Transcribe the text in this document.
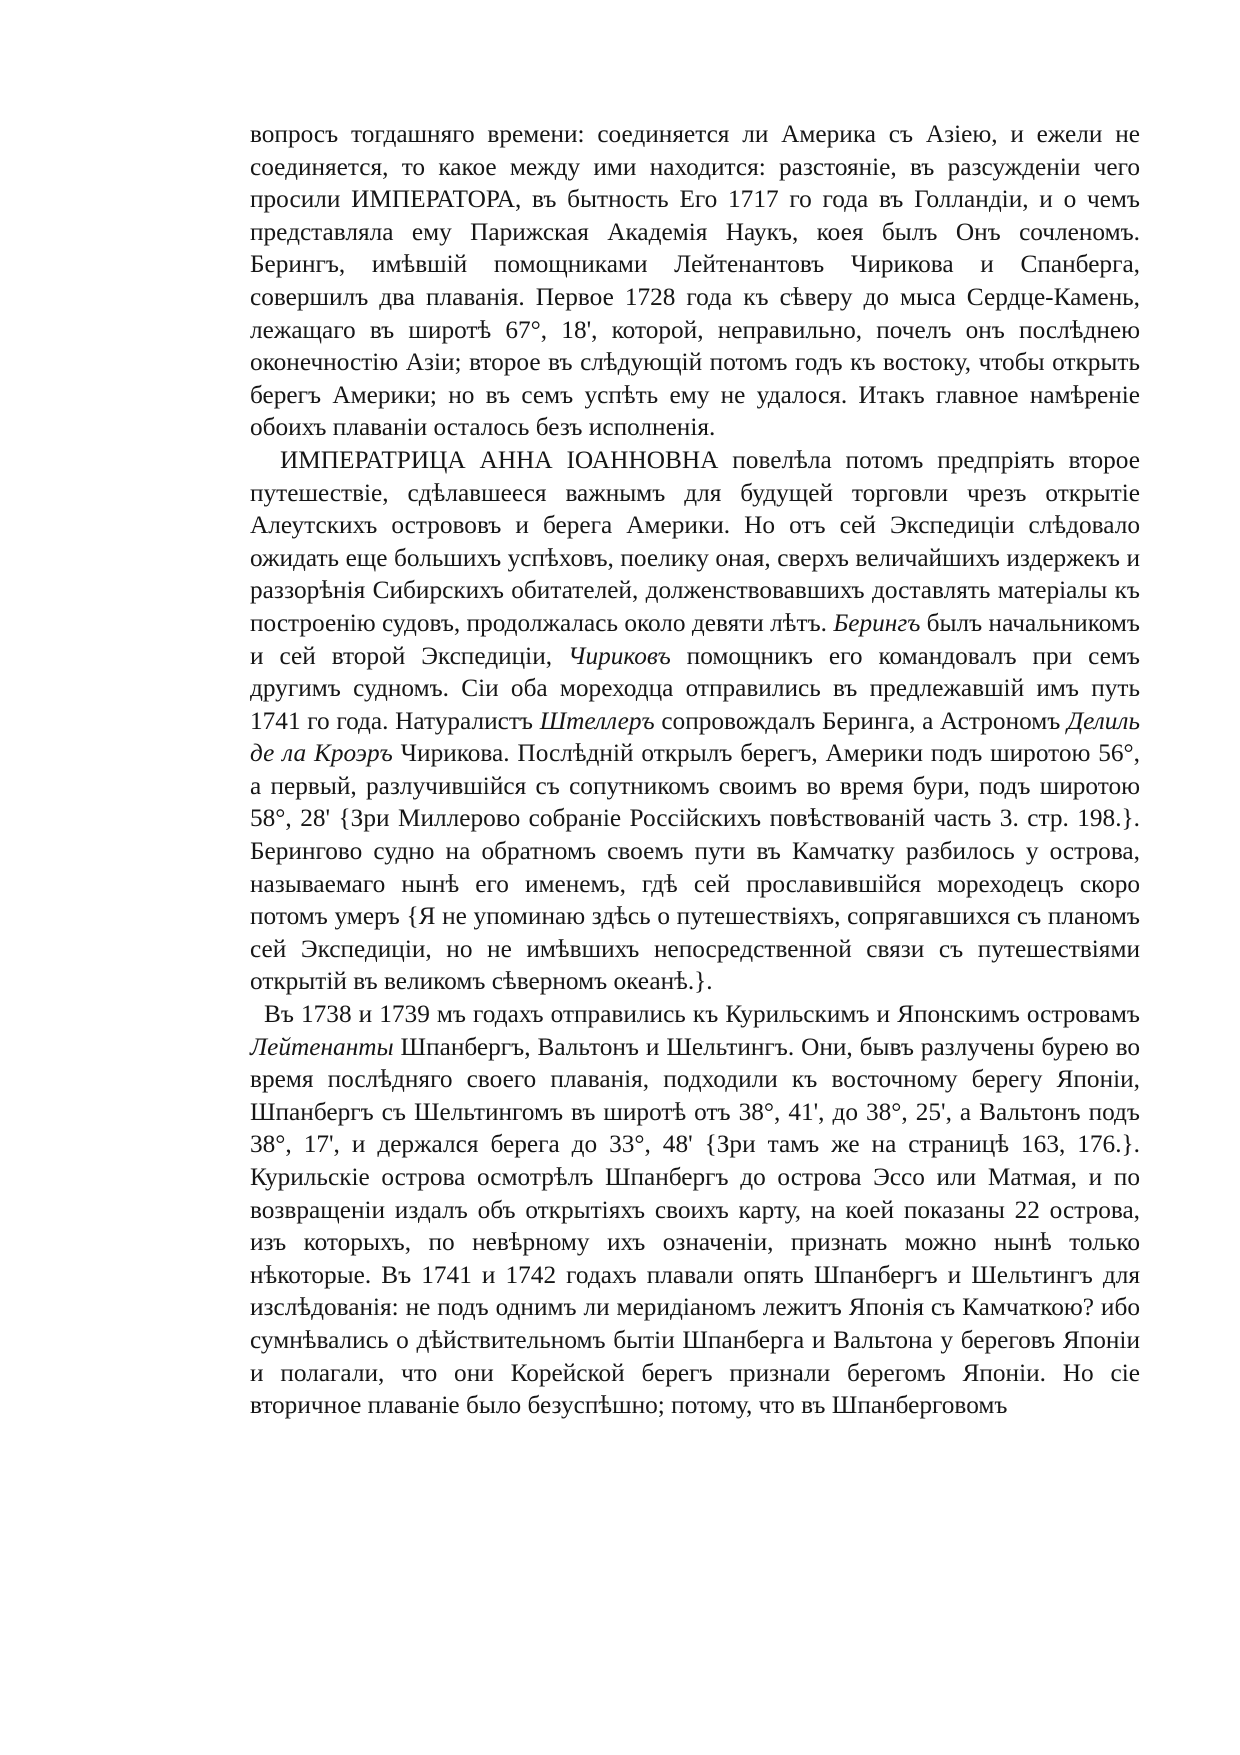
вопросъ тогдашняго времени: соединяется ли Америка съ Азіею, и ежели не соединяется, то какое между ими находится: разстояніе, въ разсужденіи чего просили ИМПЕРАТОРА, въ бытность Его 1717 го года въ Голландіи, и о чемъ представляла ему Парижская Академія Наукъ, коея былъ Онъ сочленомъ. Берингъ, имѣвшій помощниками Лейтенантовъ Чирикова и Спанберга, совершилъ два плаванія. Первое 1728 года къ сѣверу до мыса Сердце-Камень, лежащаго въ широтѣ 67°, 18', которой, неправильно, почелъ онъ послѣднею оконечностію Азіи; второе въ слѣдующій потомъ годъ къ востоку, чтобы открыть берегъ Америки; но въ семъ успѣть ему не удалося. Итакъ главное намѣреніе обоихъ плаваніи осталось безъ исполненія.

ИМПЕРАТРИЦА АННА ІОАННОВНА повелѣла потомъ предпріять второе путешествіе, сдѣлавшееся важнымъ для будущей торговли чрезъ открытіе Алеутскихъ острововъ и берега Америки. Но отъ сей Экспедиціи слѣдовало ожидать еще большихъ успѣховъ, поелику оная, сверхъ величайшихъ издержекъ и раззорѣнія Сибирскихъ обитателей, долженствовавшихъ доставлять матеріалы къ построенію судовъ, продолжалась около девяти лѣтъ. Берингъ былъ начальникомъ и сей второй Экспедиціи, Чириковъ помощникъ его командовалъ при семъ другимъ судномъ. Сіи оба мореходца отправились въ предлежавшій имъ путь 1741 го года. Натуралистъ Штеллеръ сопровождалъ Беринга, а Астрономъ Делиль де ла Кроэръ Чирикова. Послѣдній открылъ берегъ, Америки подъ широтою 56°, а первый, разлучившійся съ сопутникомъ своимъ во время бури, подъ широтою 58°, 28' {Зри Миллерово собраніе Россійскихъ повѣствованій часть 3. стр. 198.}. Берингово судно на обратномъ своемъ пути въ Камчатку разбилось у острова, называемаго нынѣ его именемъ, гдѣ сей прославившійся мореходецъ скоро потомъ умеръ {Я не упоминаю здѣсь о путешествіяхъ, сопрягавшихся съ планомъ сей Экспедиціи, но не имѣвшихъ непосредственной связи съ путешествіями открытій въ великомъ сѣверномъ океанѣ.}.

Въ 1738 и 1739 мъ годахъ отправились къ Курильскимъ и Японскимъ островамъ Лейтенанты Шпанбергъ, Вальтонъ и Шельтингъ. Они, бывъ разлучены бурею во время послѣдняго своего плаванія, подходили къ восточному берегу Японіи, Шпанбергъ съ Шельтингомъ въ широтѣ отъ 38°, 41', до 38°, 25', а Вальтонъ подъ 38°, 17', и держался берега до 33°, 48' {Зри тамъ же на страницѣ 163, 176.}. Курильскіе острова осмотрѣлъ Шпанбергъ до острова Эссо или Матмая, и по возвращеніи издалъ объ открытіяхъ своихъ карту, на коей показаны 22 острова, изъ которыхъ, по невѣрному ихъ означеніи, признать можно нынѣ только нѣкоторые. Въ 1741 и 1742 годахъ плавали опять Шпанбергъ и Шельтингъ для изслѣдованія: не подъ однимъ ли меридіаномъ лежитъ Японія съ Камчаткою? ибо сумнѣвались о дѣйствительномъ бытіи Шпанберга и Вальтона у береговъ Японіи и полагали, что они Корейской берегъ признали берегомъ Японіи. Но сіе вторичное плаваніе было безуспѣшно; потому, что въ Шпанберговомъ
